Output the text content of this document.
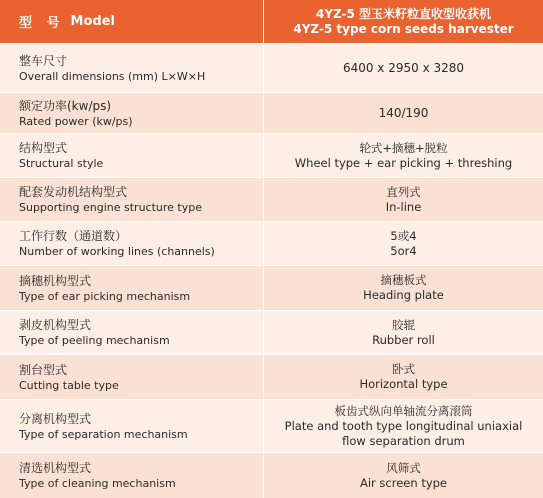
型 号 Model
4YZ-5 型玉米籽粒直收型收获机
4YZ-5 type corn seeds harvester
整车尺寸
Overall dimensions (mm) L×W×H
6400 x 2950 x 3280
额定功率(kw/ps)
Rated power (kw/ps)
140/190
结构型式
Structural style
轮式+摘穗+脱粒
Wheel type + ear picking + threshing
配套发动机结构型式
Supporting engine structure type
直列式
In-line
工作行数（通道数）
Number of working lines (channels)
5或4
5or4
摘穗机构型式
Type of ear picking mechanism
摘穗板式
Heading plate
剥皮机构型式
Type of peeling mechanism
胶辊
Rubber roll
割台型式
Cutting table type
卧式
Horizontal type
分离机构型式
Type of separation mechanism
板齿式纵向单轴流分离滚筒
Plate and tooth type longitudinal uniaxial
flow separation drum
清选机构型式
Type of cleaning mechanism
风筛式
Air screen type
